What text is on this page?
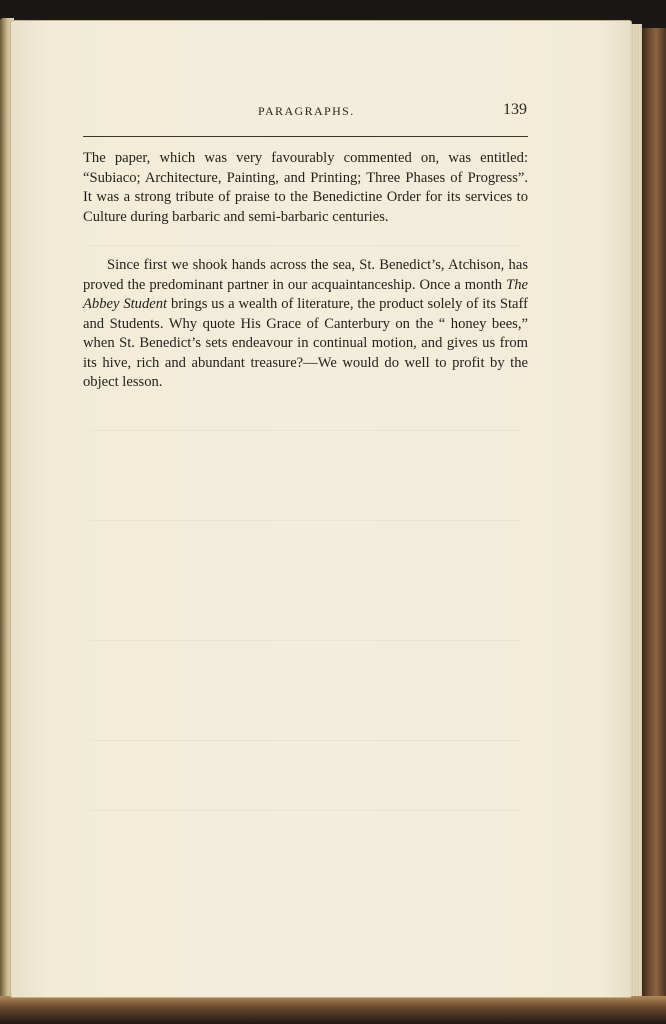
PARAGRAPHS.	139

The paper, which was very favourably commented on, was entitled: “Subiaco; Architecture, Painting, and Printing; Three Phases of Progress”. It was a strong tribute of praise to the Benedictine Order for its services to Culture during barbaric and semi-barbaric centuries.

Since first we shook hands across the sea, St. Benedict’s, Atchison, has proved the predominant partner in our acquaintanceship. Once a month The Abbey Student brings us a wealth of literature, the product solely of its Staff and Students. Why quote His Grace of Canterbury on the “ honey bees,” when St. Benedict’s sets endeavour in continual motion, and gives us from its hive, rich and abundant treasure?—We would do well to profit by the object lesson.
